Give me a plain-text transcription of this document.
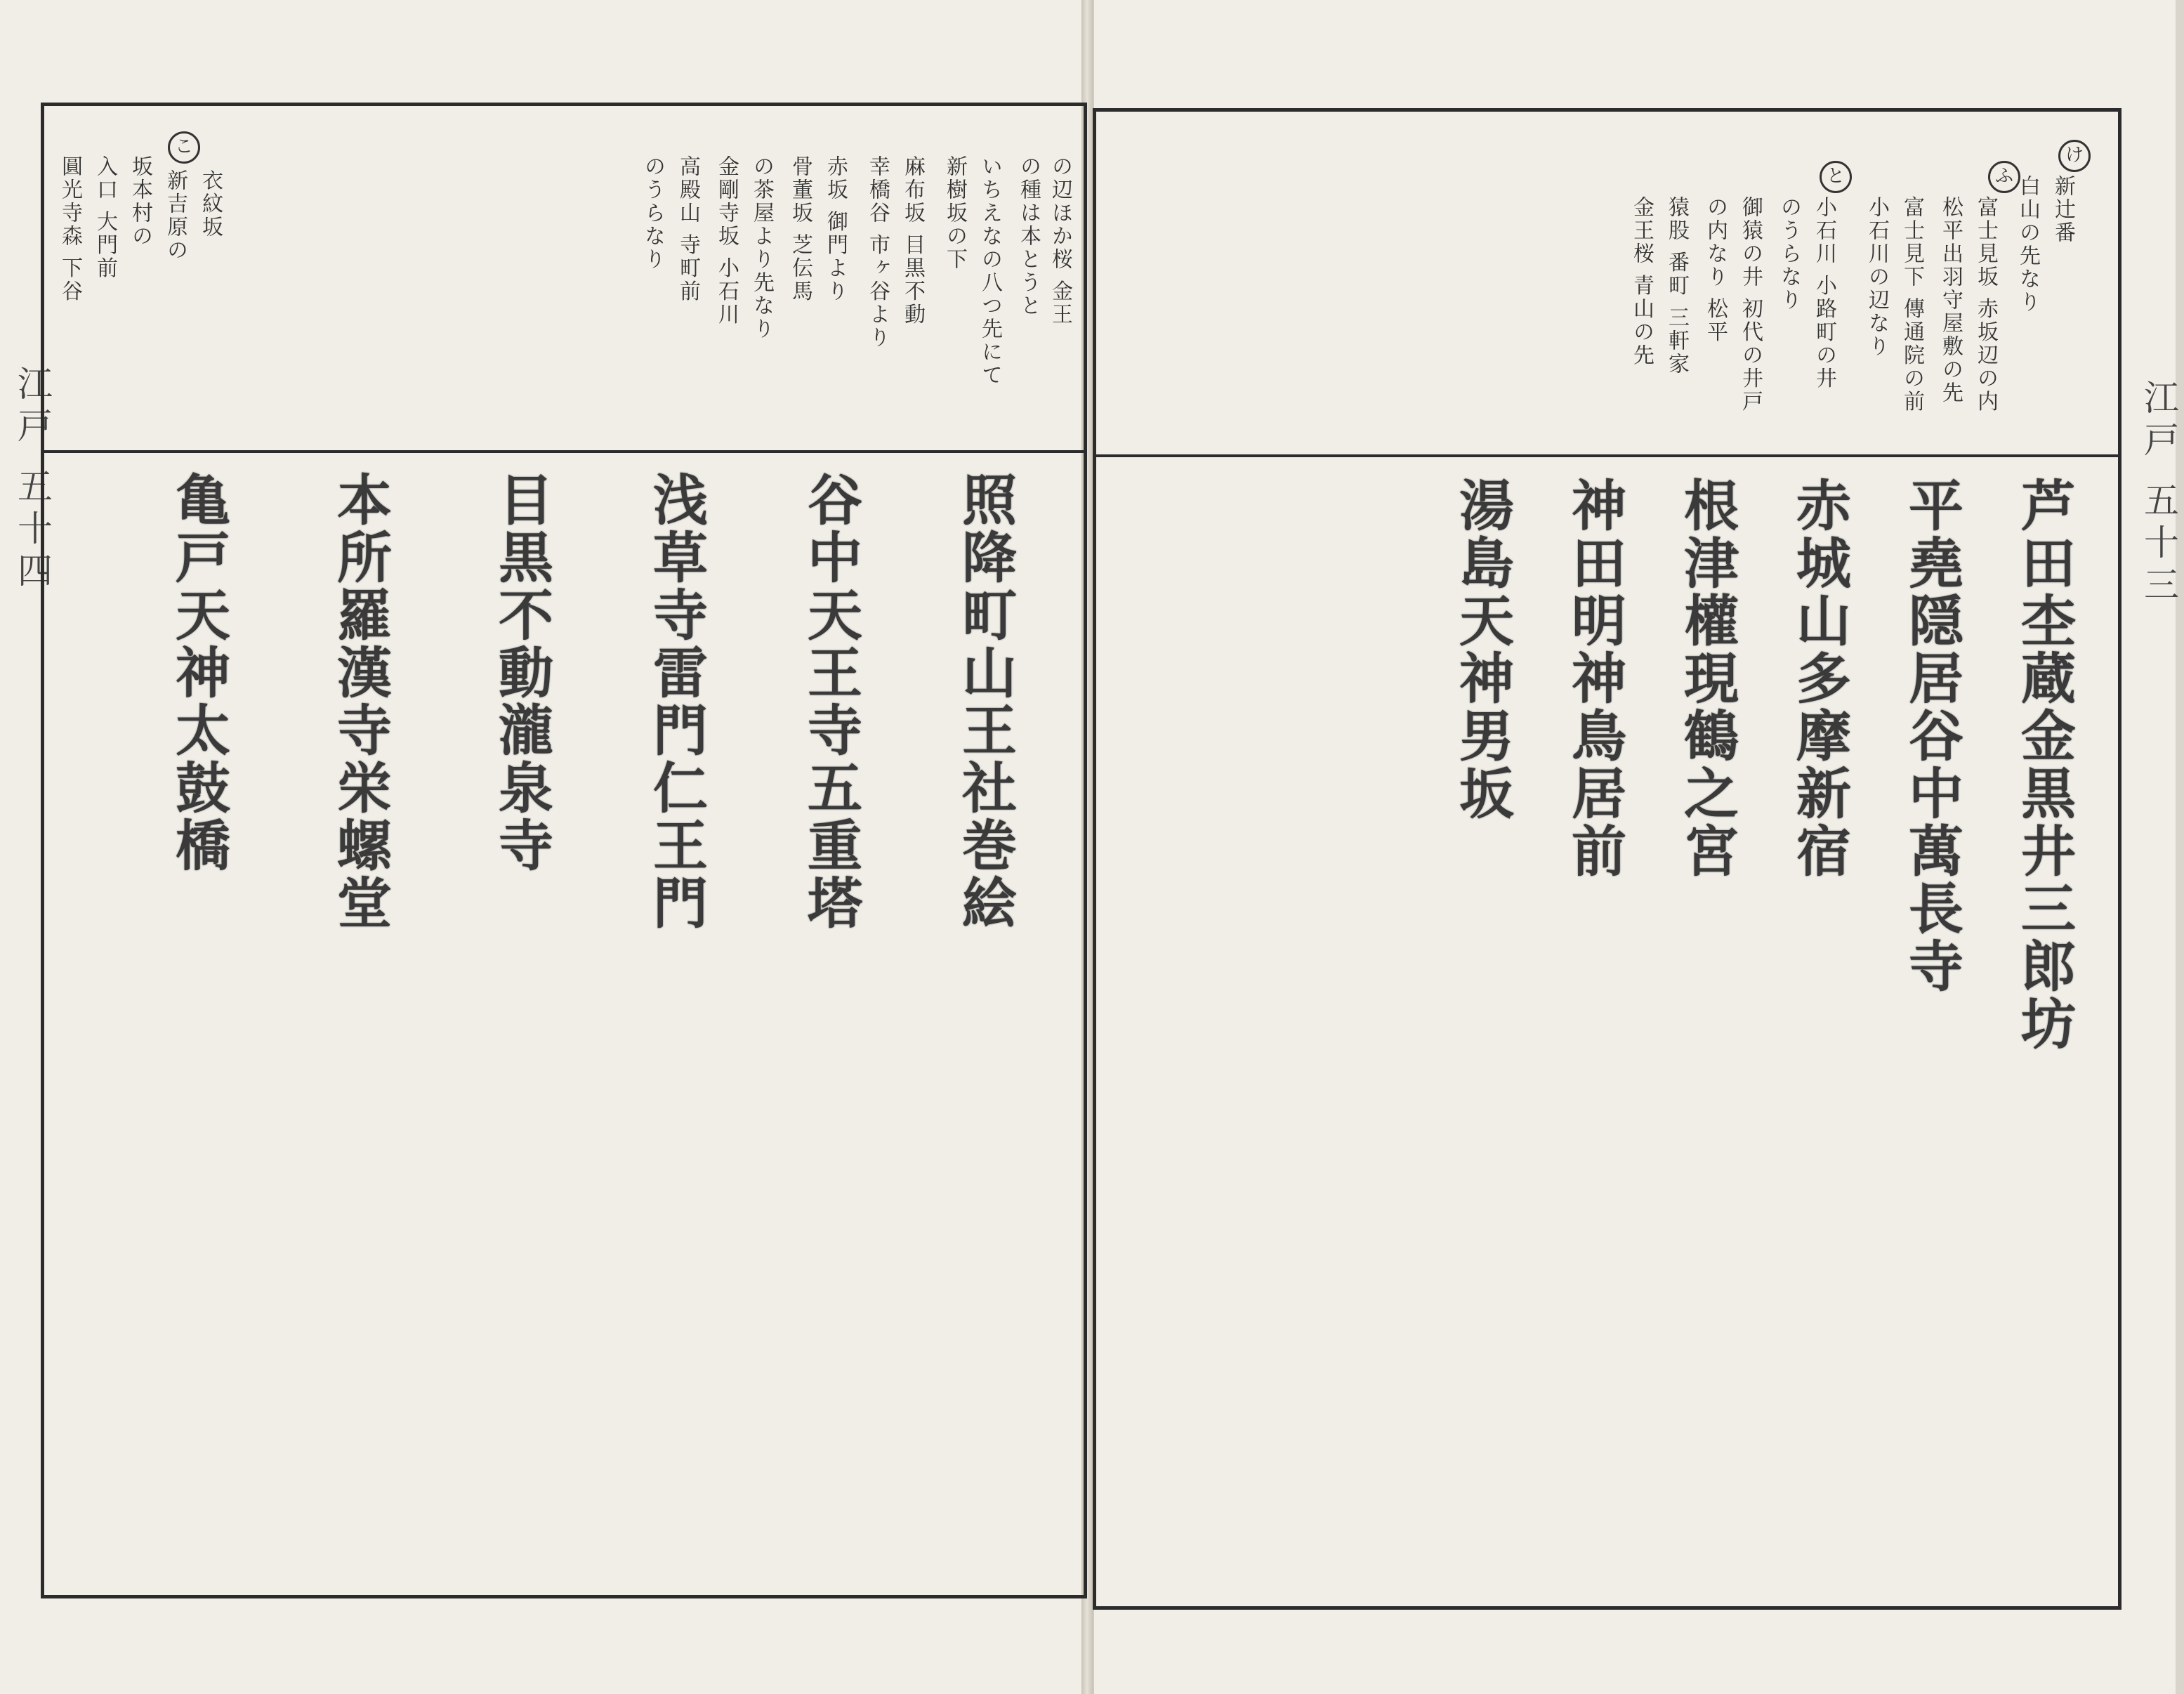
江戸 五十四	江戸 五十三
け
ふ
と	新辻番
白山の先なり
富士見坂 赤坂辺の内
松平出羽守屋敷の先
富士見下 傳通院の前
小石川の辺なり
小石川 小路町の井
のうらなり
御猿の井 初代の井戸
の内なり 松平
猿股 番町 三軒家
金王桜 青山の先
芦田杢蔵金黒井三郎坊
平堯隠居谷中萬長寺
赤城山多摩新宿
根津權現鶴之宮
神田明神鳥居前
湯島天神男坂
こ
の辺ほか桜 金王
の種は本とうと
いちえなの八つ先にて
新樹坂の下
麻布坂 目黒不動
幸橋谷 市ヶ谷より
赤坂 御門より
骨董坂 芝伝馬
の茶屋より先なり
金剛寺坂 小石川
高殿山 寺町前
のうらなり
衣紋坂
新吉原の
坂本村の
入口 大門前
圓光寺森 下谷
照降町山王社巻絵
谷中天王寺五重塔
浅草寺雷門仁王門
目黒不動瀧泉寺
本所羅漢寺栄螺堂
亀戸天神太鼓橋
